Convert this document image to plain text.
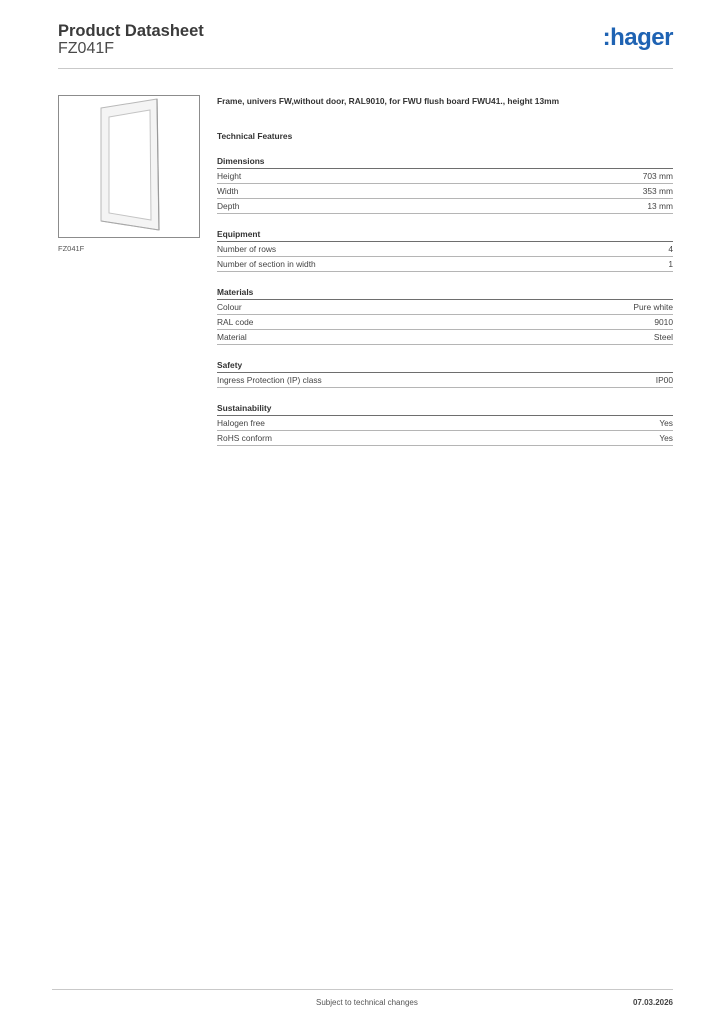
Product Datasheet
FZ041F	:hager
FZ041F
Frame, univers FW,without door, RAL9010, for FWU flush board FWU41., height 13mm
Technical Features
Dimensions
Height	703 mm
Width	353 mm
Depth	13 mm
Equipment
Number of rows	4
Number of section in width	1
Materials
Colour	Pure white
RAL code	9010
Material	Steel
Safety
Ingress Protection (IP) class	IP00
Sustainability
Halogen free	Yes
RoHS conform	Yes
Subject to technical changes	07.03.2026
